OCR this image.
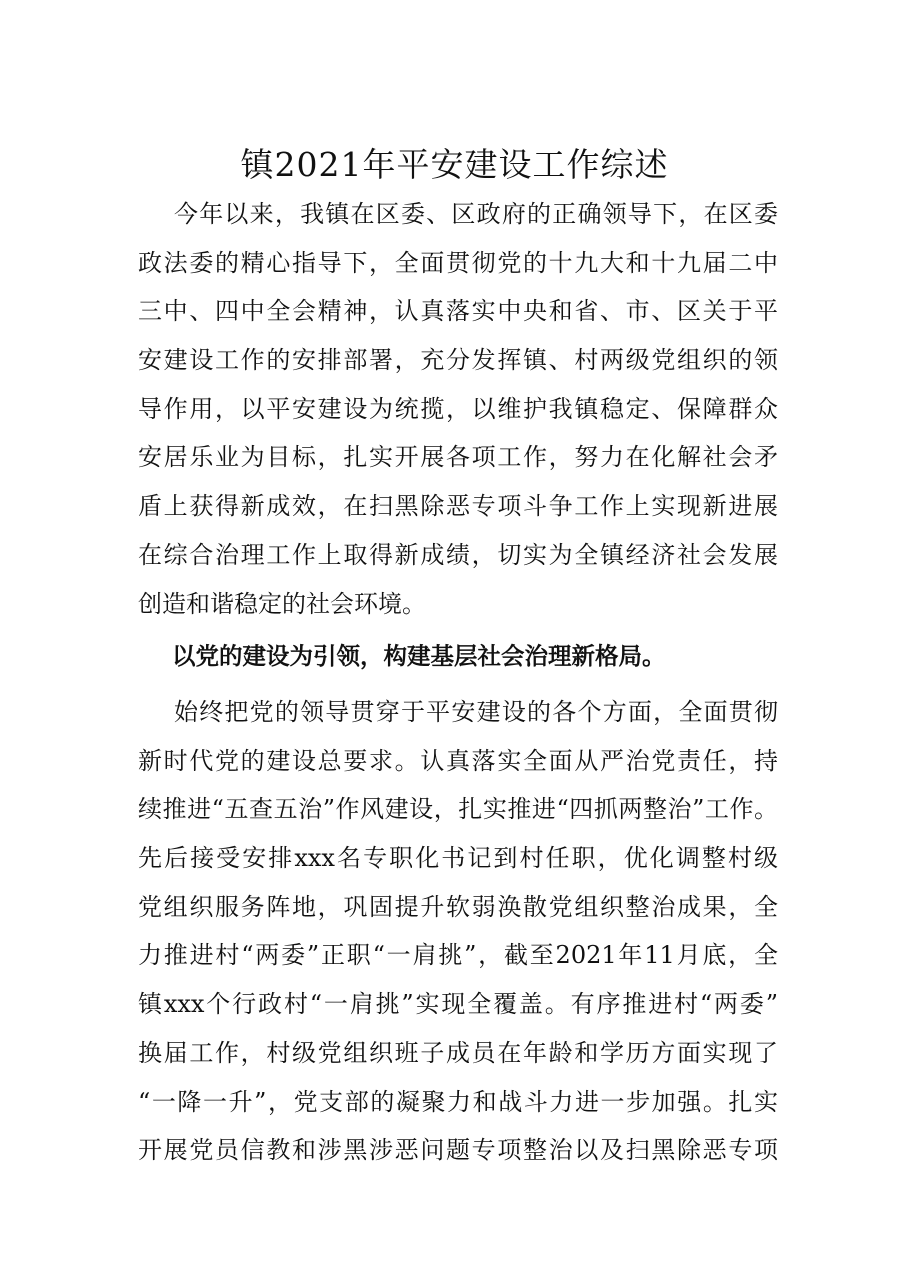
镇2021年平安建设工作综述
今年以来，我镇在区委、区政府的正确领导下，在区委
政法委的精心指导下，全面贯彻党的十九大和十九届二中
三中、四中全会精神，认真落实中央和省、市、区关于平
安建设工作的安排部署，充分发挥镇、村两级党组织的领
导作用，以平安建设为统揽，以维护我镇稳定、保障群众
安居乐业为目标，扎实开展各项工作，努力在化解社会矛
盾上获得新成效，在扫黑除恶专项斗争工作上实现新进展
在综合治理工作上取得新成绩，切实为全镇经济社会发展
创造和谐稳定的社会环境。
以党的建设为引领，构建基层社会治理新格局。
始终把党的领导贯穿于平安建设的各个方面，全面贯彻
新时代党的建设总要求。认真落实全面从严治党责任，持
续推进“五查五治”作风建设，扎实推进“四抓两整治”工作。
先后接受安排xxx名专职化书记到村任职，优化调整村级
党组织服务阵地，巩固提升软弱涣散党组织整治成果，全
力推进村“两委”正职“一肩挑”，截至2021年11月底，全
镇xxx个行政村“一肩挑”实现全覆盖。有序推进村“两委”
换届工作，村级党组织班子成员在年龄和学历方面实现了
“一降一升”，党支部的凝聚力和战斗力进一步加强。扎实
开展党员信教和涉黑涉恶问题专项整治以及扫黑除恶专项
